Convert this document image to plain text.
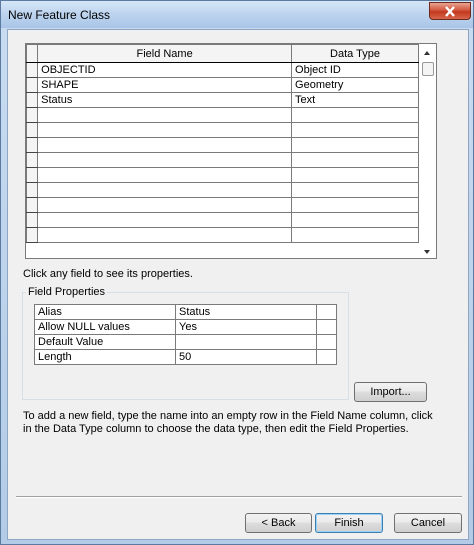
New Feature Class
	Field Name	Data Type
	OBJECTID	Object ID
	SHAPE	Geometry
	Status	Text

Click any field to see its properties.
Field Properties
Alias	Status	
Allow NULL values	Yes	
Default Value		
Length	50	
Import...
To add a new field, type the name into an empty row in the Field Name column, click in the Data Type column to choose the data type, then edit the Field Properties.
< Back	Finish	Cancel
